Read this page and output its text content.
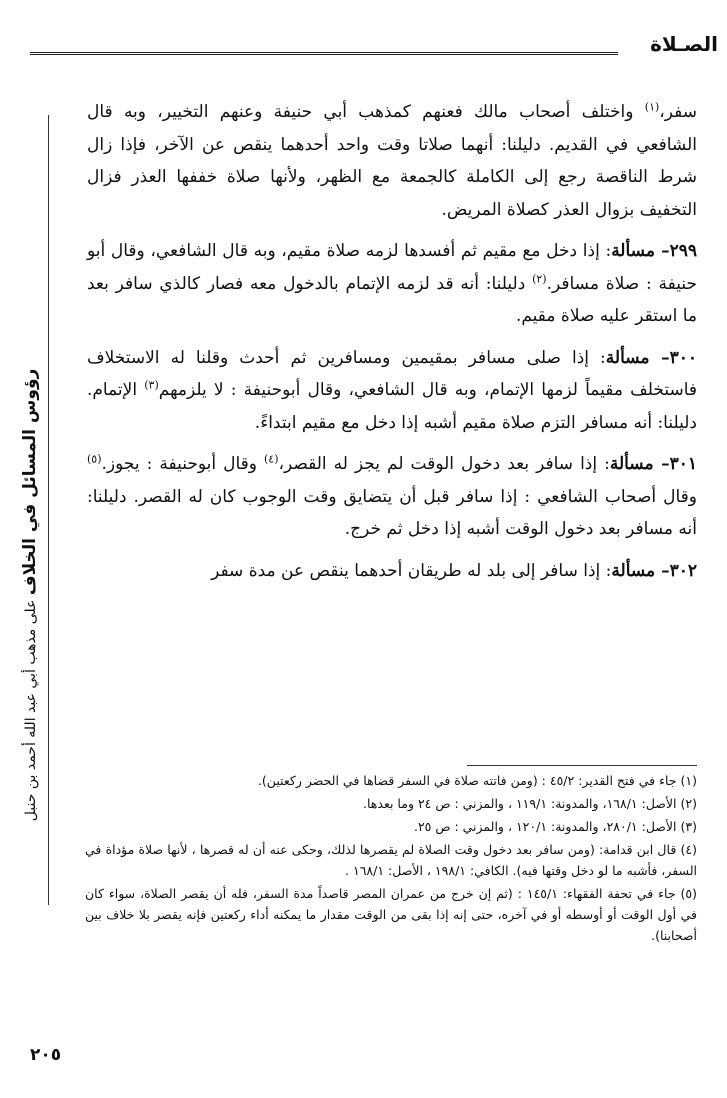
الصـلاة
رؤوس المسائل في الخلاف على مذهب أبي عبد الله أحمد بن حنبل

سفر،$^{(١)}$ واختلف أصحاب مالك فعنهم كمذهب أبي حنيفة وعنهم التخيير، وبه قال الشافعي في القديم. دليلنا: أنهما صلاتا وقت واحد أحدهما ينقص عن الآخر، فإذا زال شرط الناقصة رجع إلى الكاملة كالجمعة مع الظهر، ولأنها صلاة خففها العذر فزال التخفيف بزوال العذر كصلاة المريض.

٢٩٩– مسألة: إذا دخل مع مقيم ثم أفسدها لزمه صلاة مقيم، وبه قال الشافعي، وقال أبو حنيفة : صلاة مسافر.$^{(٢)}$ دليلنا: أنه قد لزمه الإتمام بالدخول معه فصار كالذي سافر بعد ما استقر عليه صلاة مقيم.

٣٠٠– مسألة: إذا صلى مسافر بمقيمين ومسافرين ثم أحدث وقلنا له الاستخلاف فاستخلف مقيماً لزمها الإتمام، وبه قال الشافعي، وقال أبوحنيفة : لا يلزمهم$^{(٣)}$ الإتمام. دليلنا: أنه مسافر التزم صلاة مقيم أشبه إذا دخل مع مقيم ابتداءً.

٣٠١– مسألة: إذا سافر بعد دخول الوقت لم يجز له القصر،$^{(٤)}$ وقال أبوحنيفة : يجوز.$^{(٥)}$ وقال أصحاب الشافعي : إذا سافر قبل أن يتضايق وقت الوجوب كان له القصر. دليلنا: أنه مسافر بعد دخول الوقت أشبه إذا دخل ثم خرج.

٣٠٢– مسألة: إذا سافر إلى بلد له طريقان أحدهما ينقص عن مدة سفر

(١) جاء في فتح القدير: ٤٥/٢ : (ومن فاتته صلاة في السفر قضاها في الحضر ركعتين).

(٢) الأصل: ١٦٨/١، والمدونة: ١١٩/١ ، والمزني : ص ٢٤ وما بعدها.

(٣) الأصل: ٢٨٠/١، والمدونة: ١٢٠/١ ، والمزني : ص ٢٥.

(٤) قال ابن قدامة: (ومن سافر بعد دخول وقت الصلاة لم يقصرها لذلك، وحكى عنه أن له قصرها ، لأنها صلاة مؤداة في السفر، فأشبه ما لو دخل وقتها فيه). الكافي: ١٩٨/١ ، الأصل: ١٦٨/١ .

(٥) جاء في تحفة الفقهاء: ١٤٥/١ : (ثم إن خرج من عمران المصر قاصداً مدة السفر، فله أن يقصر الصلاة، سواء كان في أول الوقت أو أوسطه أو في آخره، حتى إنه إذا بقى من الوقت مقدار ما يمكنه أداء ركعتين فإنه يقصر بلا خلاف بين أصحابنا).

٢٠٥
